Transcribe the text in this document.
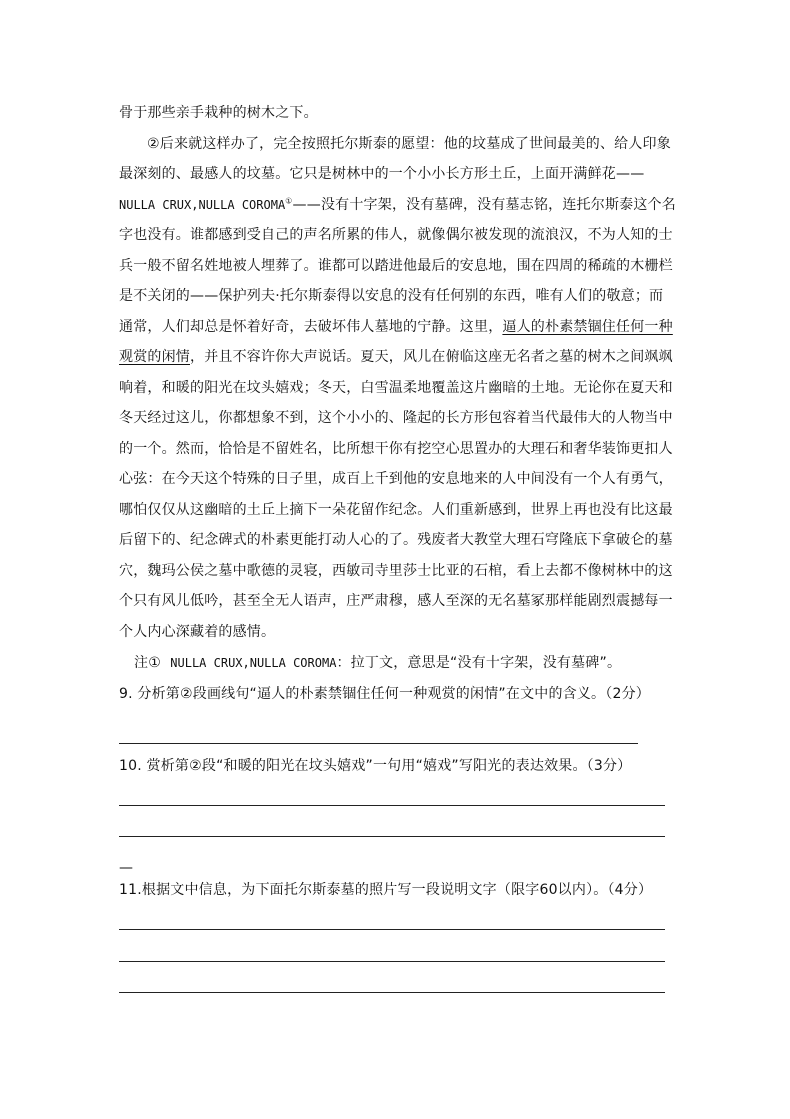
骨于那些亲手栽种的树木之下。
②后来就这样办了，完全按照托尔斯泰的愿望：他的坟墓成了世间最美的、给人印象
最深刻的、最感人的坟墓。它只是树林中的一个小小长方形土丘，上面开满鲜花——
NULLA CRUX,NULLA COROMA①——没有十字架，没有墓碑，没有墓志铭，连托尔斯泰这个名
字也没有。谁都感到受自己的声名所累的伟人，就像偶尔被发现的流浪汉，不为人知的士
兵一般不留名姓地被人埋葬了。谁都可以踏进他最后的安息地，围在四周的稀疏的木栅栏
是不关闭的——保护列夫·托尔斯泰得以安息的没有任何别的东西，唯有人们的敬意；而
通常，人们却总是怀着好奇，去破坏伟人墓地的宁静。这里，逼人的朴素禁锢住任何一种
观赏的闲情，并且不容许你大声说话。夏天，风儿在俯临这座无名者之墓的树木之间飒飒
响着，和暖的阳光在坟头嬉戏；冬天，白雪温柔地覆盖这片幽暗的土地。无论你在夏天和
冬天经过这儿，你都想象不到，这个小小的、隆起的长方形包容着当代最伟大的人物当中
的一个。然而，恰恰是不留姓名，比所想干你有挖空心思置办的大理石和奢华装饰更扣人
心弦：在今天这个特殊的日子里，成百上千到他的安息地来的人中间没有一个人有勇气，
哪怕仅仅从这幽暗的土丘上摘下一朵花留作纪念。人们重新感到，世界上再也没有比这最
后留下的、纪念碑式的朴素更能打动人心的了。残废者大教堂大理石穹隆底下拿破仑的墓
穴，魏玛公侯之墓中歌德的灵寝，西敏司寺里莎士比亚的石棺，看上去都不像树林中的这
个只有风儿低吟，甚至全无人语声，庄严肃穆，感人至深的无名墓冢那样能剧烈震撼每一
个人内心深藏着的感情。
注① NULLA CRUX,NULLA COROMA：拉丁文，意思是“没有十字架，没有墓碑”。
9. 分析第②段画线句“逼人的朴素禁锢住任何一种观赏的闲情”在文中的含义。（2分）
10. 赏析第②段“和暖的阳光在坟头嬉戏”一句用“嬉戏”写阳光的表达效果。（3分）
—
11.根据文中信息，为下面托尔斯泰墓的照片写一段说明文字（限字60以内）。（4分）
